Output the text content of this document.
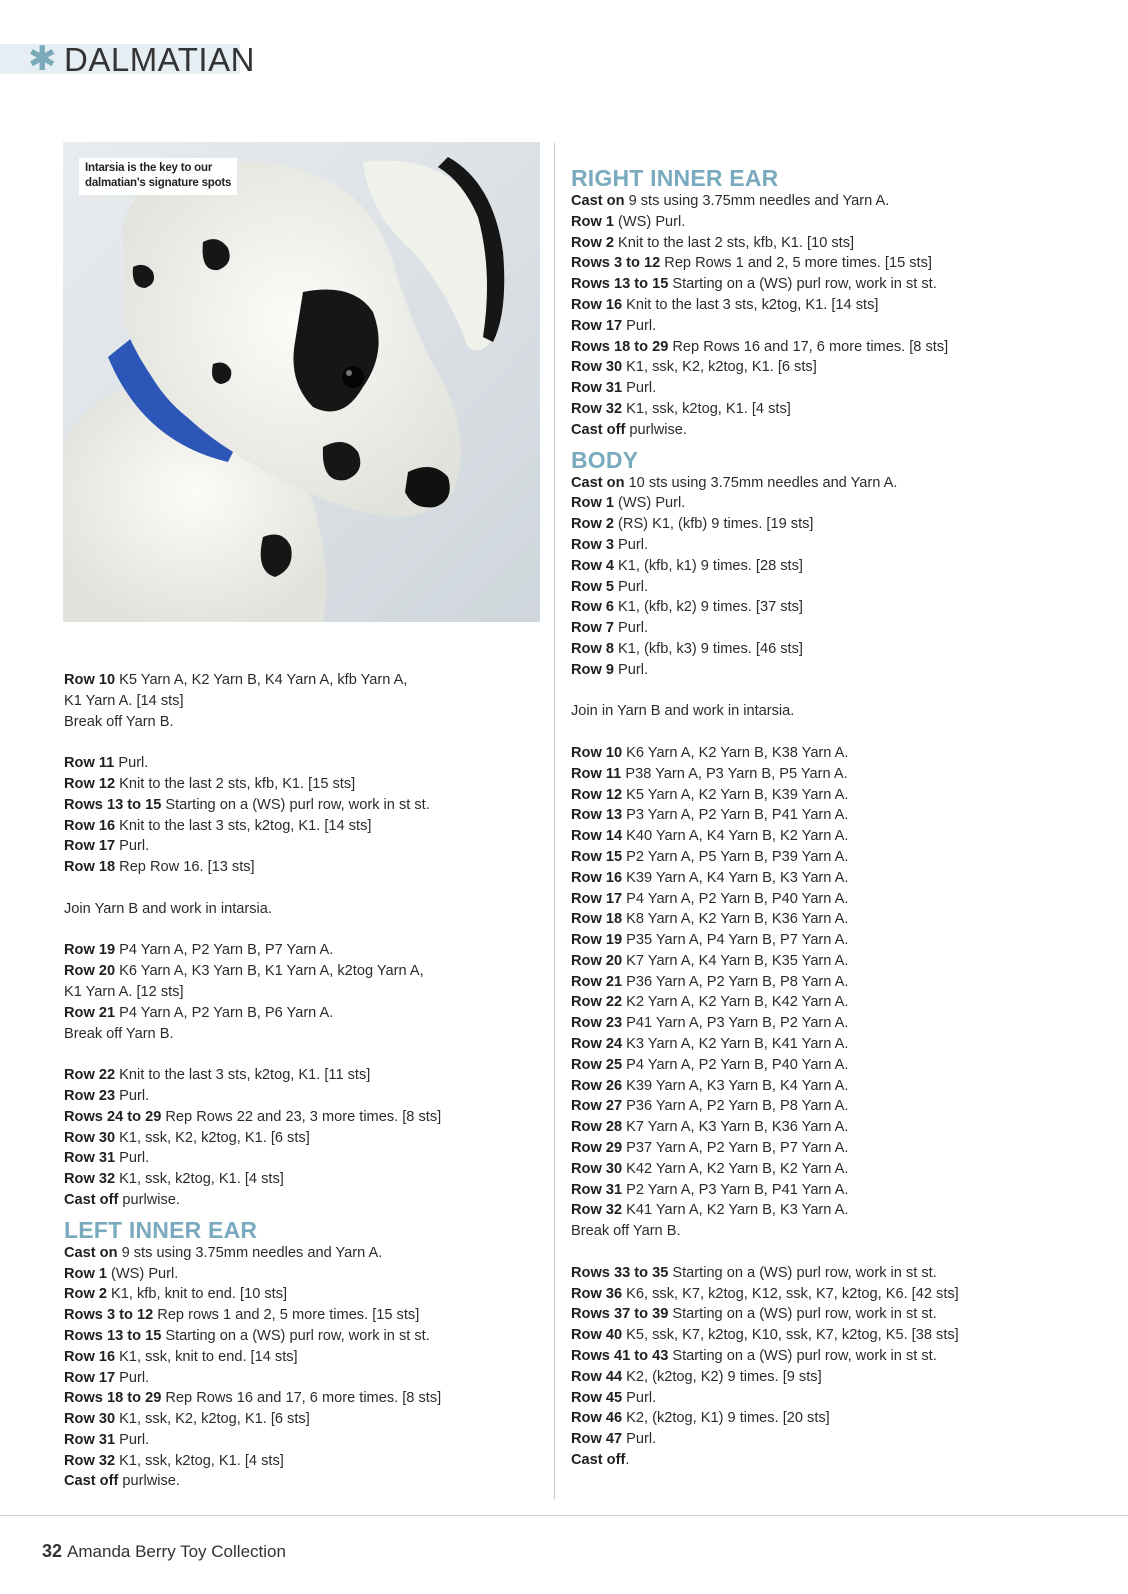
✱ DALMATIAN
Intarsia is the key to our
dalmatian's signature spots
Row 10 K5 Yarn A, K2 Yarn B, K4 Yarn A, kfb Yarn A,
K1 Yarn A. [14 sts]
Break off Yarn B.
Row 11 Purl.
Row 12 Knit to the last 2 sts, kfb, K1. [15 sts]
Rows 13 to 15 Starting on a (WS) purl row, work in st st.
Row 16 Knit to the last 3 sts, k2tog, K1. [14 sts]
Row 17 Purl.
Row 18 Rep Row 16. [13 sts]
Join Yarn B and work in intarsia.
Row 19 P4 Yarn A, P2 Yarn B, P7 Yarn A.
Row 20 K6 Yarn A, K3 Yarn B, K1 Yarn A, k2tog Yarn A,
K1 Yarn A. [12 sts]
Row 21 P4 Yarn A, P2 Yarn B, P6 Yarn A.
Break off Yarn B.
Row 22 Knit to the last 3 sts, k2tog, K1. [11 sts]
Row 23 Purl.
Rows 24 to 29 Rep Rows 22 and 23, 3 more times. [8 sts]
Row 30 K1, ssk, K2, k2tog, K1. [6 sts]
Row 31 Purl.
Row 32 K1, ssk, k2tog, K1. [4 sts]
Cast off purlwise.
LEFT INNER EAR
Cast on 9 sts using 3.75mm needles and Yarn A.
Row 1 (WS) Purl.
Row 2 K1, kfb, knit to end. [10 sts]
Rows 3 to 12 Rep rows 1 and 2, 5 more times. [15 sts]
Rows 13 to 15 Starting on a (WS) purl row, work in st st.
Row 16 K1, ssk, knit to end. [14 sts]
Row 17 Purl.
Rows 18 to 29 Rep Rows 16 and 17, 6 more times. [8 sts]
Row 30 K1, ssk, K2, k2tog, K1. [6 sts]
Row 31 Purl.
Row 32 K1, ssk, k2tog, K1. [4 sts]
Cast off purlwise.
RIGHT INNER EAR
Cast on 9 sts using 3.75mm needles and Yarn A.
Row 1 (WS) Purl.
Row 2 Knit to the last 2 sts, kfb, K1. [10 sts]
Rows 3 to 12 Rep Rows 1 and 2, 5 more times. [15 sts]
Rows 13 to 15 Starting on a (WS) purl row, work in st st.
Row 16 Knit to the last 3 sts, k2tog, K1. [14 sts]
Row 17 Purl.
Rows 18 to 29 Rep Rows 16 and 17, 6 more times. [8 sts]
Row 30 K1, ssk, K2, k2tog, K1. [6 sts]
Row 31 Purl.
Row 32 K1, ssk, k2tog, K1. [4 sts]
Cast off purlwise.
BODY
Cast on 10 sts using 3.75mm needles and Yarn A.
Row 1 (WS) Purl.
Row 2 (RS) K1, (kfb) 9 times. [19 sts]
Row 3 Purl.
Row 4 K1, (kfb, k1) 9 times. [28 sts]
Row 5 Purl.
Row 6 K1, (kfb, k2) 9 times. [37 sts]
Row 7 Purl.
Row 8 K1, (kfb, k3) 9 times. [46 sts]
Row 9 Purl.
Join in Yarn B and work in intarsia.
Row 10 K6 Yarn A, K2 Yarn B, K38 Yarn A.
Row 11 P38 Yarn A, P3 Yarn B, P5 Yarn A.
Row 12 K5 Yarn A, K2 Yarn B, K39 Yarn A.
Row 13 P3 Yarn A, P2 Yarn B, P41 Yarn A.
Row 14 K40 Yarn A, K4 Yarn B, K2 Yarn A.
Row 15 P2 Yarn A, P5 Yarn B, P39 Yarn A.
Row 16 K39 Yarn A, K4 Yarn B, K3 Yarn A.
Row 17 P4 Yarn A, P2 Yarn B, P40 Yarn A.
Row 18 K8 Yarn A, K2 Yarn B, K36 Yarn A.
Row 19 P35 Yarn A, P4 Yarn B, P7 Yarn A.
Row 20 K7 Yarn A, K4 Yarn B, K35 Yarn A.
Row 21 P36 Yarn A, P2 Yarn B, P8 Yarn A.
Row 22 K2 Yarn A, K2 Yarn B, K42 Yarn A.
Row 23 P41 Yarn A, P3 Yarn B, P2 Yarn A.
Row 24 K3 Yarn A, K2 Yarn B, K41 Yarn A.
Row 25 P4 Yarn A, P2 Yarn B, P40 Yarn A.
Row 26 K39 Yarn A, K3 Yarn B, K4 Yarn A.
Row 27 P36 Yarn A, P2 Yarn B, P8 Yarn A.
Row 28 K7 Yarn A, K3 Yarn B, K36 Yarn A.
Row 29 P37 Yarn A, P2 Yarn B, P7 Yarn A.
Row 30 K42 Yarn A, K2 Yarn B, K2 Yarn A.
Row 31 P2 Yarn A, P3 Yarn B, P41 Yarn A.
Row 32 K41 Yarn A, K2 Yarn B, K3 Yarn A.
Break off Yarn B.
Rows 33 to 35 Starting on a (WS) purl row, work in st st.
Row 36 K6, ssk, K7, k2tog, K12, ssk, K7, k2tog, K6. [42 sts]
Rows 37 to 39 Starting on a (WS) purl row, work in st st.
Row 40 K5, ssk, K7, k2tog, K10, ssk, K7, k2tog, K5. [38 sts]
Rows 41 to 43 Starting on a (WS) purl row, work in st st.
Row 44 K2, (k2tog, K2) 9 times. [9 sts]
Row 45 Purl.
Row 46 K2, (k2tog, K1) 9 times. [20 sts]
Row 47 Purl.
Cast off.
32 Amanda Berry Toy Collection
